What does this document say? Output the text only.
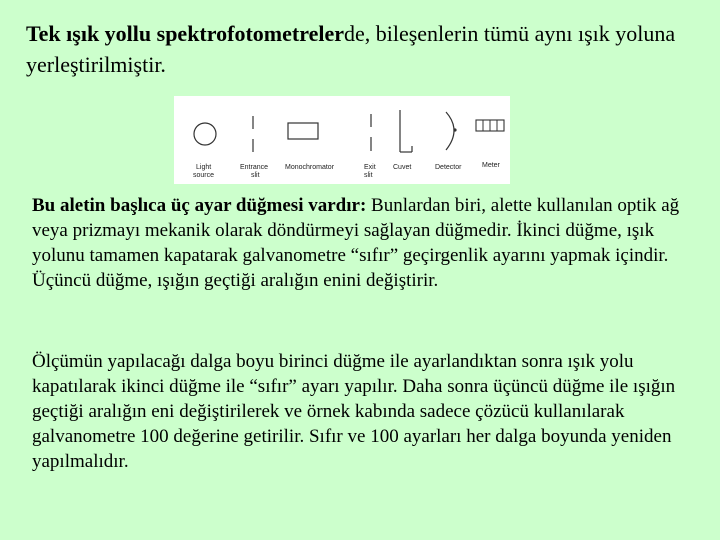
Tek ışık yollu spektrofotometrelerde, bileşenlerin tümü aynı ışık yoluna yerleştirilmiştir.

Light
source
Entrance
slit
Monochromator	Exit
slit
Cuvet	Detector	Meter

Bu aletin başlıca üç ayar düğmesi vardır: Bunlardan biri, alette kullanılan optik ağ veya prizmayı mekanik olarak döndürmeyi sağlayan düğmedir. İkinci düğme, ışık yolunu tamamen kapatarak galvanometre “sıfır” geçirgenlik ayarını yapmak içindir. Üçüncü düğme, ışığın geçtiği aralığın enini değiştirir.

Ölçümün yapılacağı dalga boyu birinci düğme ile ayarlandıktan sonra ışık yolu kapatılarak ikinci düğme ile “sıfır” ayarı yapılır. Daha sonra üçüncü düğme ile ışığın geçtiği aralığın eni değiştirilerek ve örnek kabında sadece çözücü kullanılarak galvanometre 100 değerine getirilir. Sıfır ve 100 ayarları her dalga boyunda yeniden yapılmalıdır.
